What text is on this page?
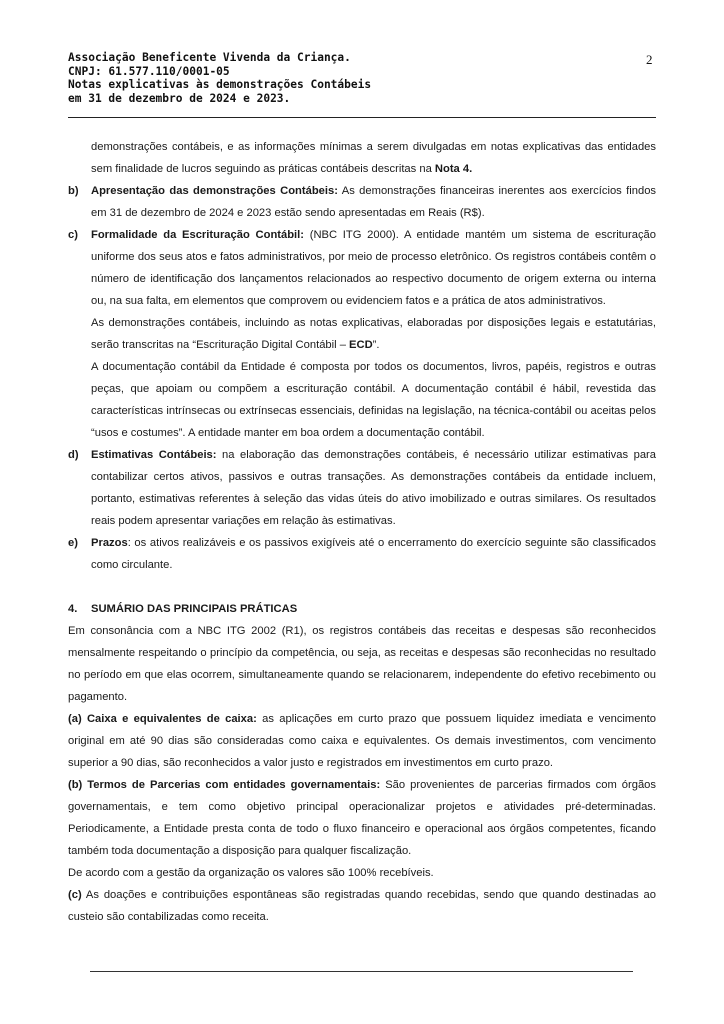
Associação Beneficente Vivenda da Criança.
CNPJ: 61.577.110/0001-05
Notas explicativas às demonstrações Contábeis
em 31 de dezembro de 2024 e 2023.
2

demonstrações contábeis, e as informações mínimas a serem divulgadas em notas explicativas das entidades sem finalidade de lucros seguindo as práticas contábeis descritas na Nota 4.

b) Apresentação das demonstrações Contábeis: As demonstrações financeiras inerentes aos exercícios findos em 31 de dezembro de 2024 e 2023 estão sendo apresentadas em Reais (R$).

c) Formalidade da Escrituração Contábil: (NBC ITG 2000). A entidade mantém um sistema de escrituração uniforme dos seus atos e fatos administrativos, por meio de processo eletrônico. Os registros contábeis contêm o número de identificação dos lançamentos relacionados ao respectivo documento de origem externa ou interna ou, na sua falta, em elementos que comprovem ou evidenciem fatos e a prática de atos administrativos.

As demonstrações contábeis, incluindo as notas explicativas, elaboradas por disposições legais e estatutárias, serão transcritas na “Escrituração Digital Contábil – ECD”.

A documentação contábil da Entidade é composta por todos os documentos, livros, papéis, registros e outras peças, que apoiam ou compõem a escrituração contábil. A documentação contábil é hábil, revestida das características intrínsecas ou extrínsecas essenciais, definidas na legislação, na técnica-contábil ou aceitas pelos “usos e costumes”. A entidade manter em boa ordem a documentação contábil.

d) Estimativas Contábeis: na elaboração das demonstrações contábeis, é necessário utilizar estimativas para contabilizar certos ativos, passivos e outras transações. As demonstrações contábeis da entidade incluem, portanto, estimativas referentes à seleção das vidas úteis do ativo imobilizado e outras similares. Os resultados reais podem apresentar variações em relação às estimativas.

e) Prazos: os ativos realizáveis e os passivos exigíveis até o encerramento do exercício seguinte são classificados como circulante.

4. SUMÁRIO DAS PRINCIPAIS PRÁTICAS

Em consonância com a NBC ITG 2002 (R1), os registros contábeis das receitas e despesas são reconhecidos mensalmente respeitando o princípio da competência, ou seja, as receitas e despesas são reconhecidas no resultado no período em que elas ocorrem, simultaneamente quando se relacionarem, independente do efetivo recebimento ou pagamento.

(a) Caixa e equivalentes de caixa: as aplicações em curto prazo que possuem liquidez imediata e vencimento original em até 90 dias são consideradas como caixa e equivalentes. Os demais investimentos, com vencimento superior a 90 dias, são reconhecidos a valor justo e registrados em investimentos em curto prazo.

(b) Termos de Parcerias com entidades governamentais: São provenientes de parcerias firmados com órgãos governamentais, e tem como objetivo principal operacionalizar projetos e atividades pré-determinadas. Periodicamente, a Entidade presta conta de todo o fluxo financeiro e operacional aos órgãos competentes, ficando também toda documentação a disposição para qualquer fiscalização.

De acordo com a gestão da organização os valores são 100% recebíveis.

(c) As doações e contribuições espontâneas são registradas quando recebidas, sendo que quando destinadas ao custeio são contabilizadas como receita.
